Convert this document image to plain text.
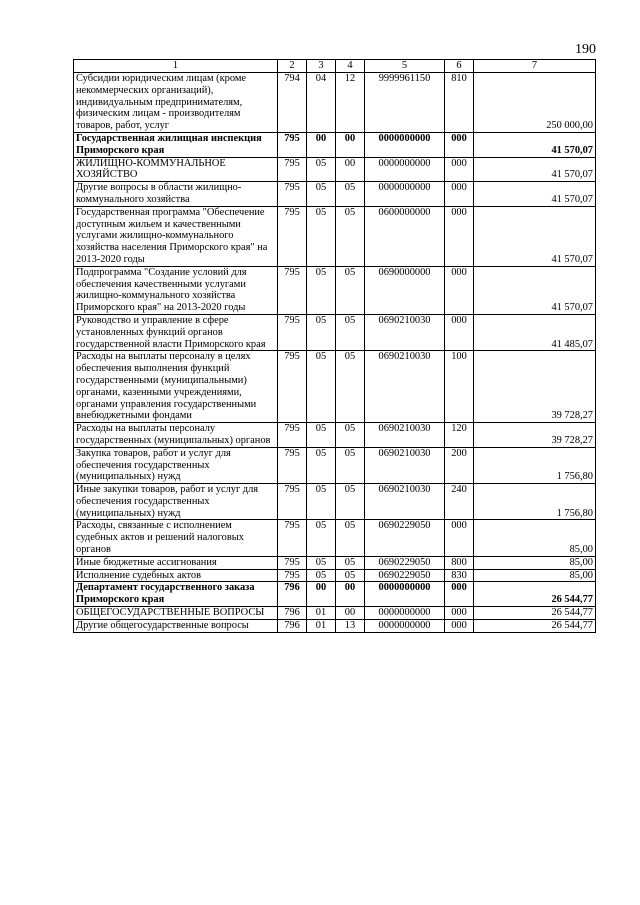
190
1	2	3	4	5	6	7
Субсидии юридическим лицам (кроме некоммерческих организаций), индивидуальным предпринимателям, физическим лицам - производителям товаров, работ, услуг	794	04	12	9999961150	810	250 000,00
Государственная жилищная инспекция Приморского края	795	00	00	0000000000	000	41 570,07
ЖИЛИЩНО-КОММУНАЛЬНОЕ ХОЗЯЙСТВО	795	05	00	0000000000	000	41 570,07
Другие вопросы в области жилищно-коммунального хозяйства	795	05	05	0000000000	000	41 570,07
Государственная программа "Обеспечение доступным жильем и качественными услугами жилищно-коммунального хозяйства населения Приморского края" на 2013-2020 годы	795	05	05	0600000000	000	41 570,07
Подпрограмма "Создание условий для обеспечения качественными услугами жилищно-коммунального хозяйства Приморского края" на 2013-2020 годы	795	05	05	0690000000	000	41 570,07
Руководство и управление в сфере установленных функций органов государственной власти Приморского края	795	05	05	0690210030	000	41 485,07
Расходы на выплаты персоналу в целях обеспечения выполнения функций государственными (муниципальными) органами, казенными учреждениями, органами управления государственными внебюджетными фондами	795	05	05	0690210030	100	39 728,27
Расходы на выплаты персоналу государственных (муниципальных) органов	795	05	05	0690210030	120	39 728,27
Закупка товаров, работ и услуг для обеспечения государственных (муниципальных) нужд	795	05	05	0690210030	200	1 756,80
Иные закупки товаров, работ и услуг для обеспечения государственных (муниципальных) нужд	795	05	05	0690210030	240	1 756,80
Расходы, связанные с исполнением судебных актов и решений налоговых органов	795	05	05	0690229050	000	85,00
Иные бюджетные ассигнования	795	05	05	0690229050	800	85,00
Исполнение судебных актов	795	05	05	0690229050	830	85,00
Департамент государственного заказа Приморского края	796	00	00	0000000000	000	26 544,77
ОБЩЕГОСУДАРСТВЕННЫЕ ВОПРОСЫ	796	01	00	0000000000	000	26 544,77
Другие общегосударственные вопросы	796	01	13	0000000000	000	26 544,77
